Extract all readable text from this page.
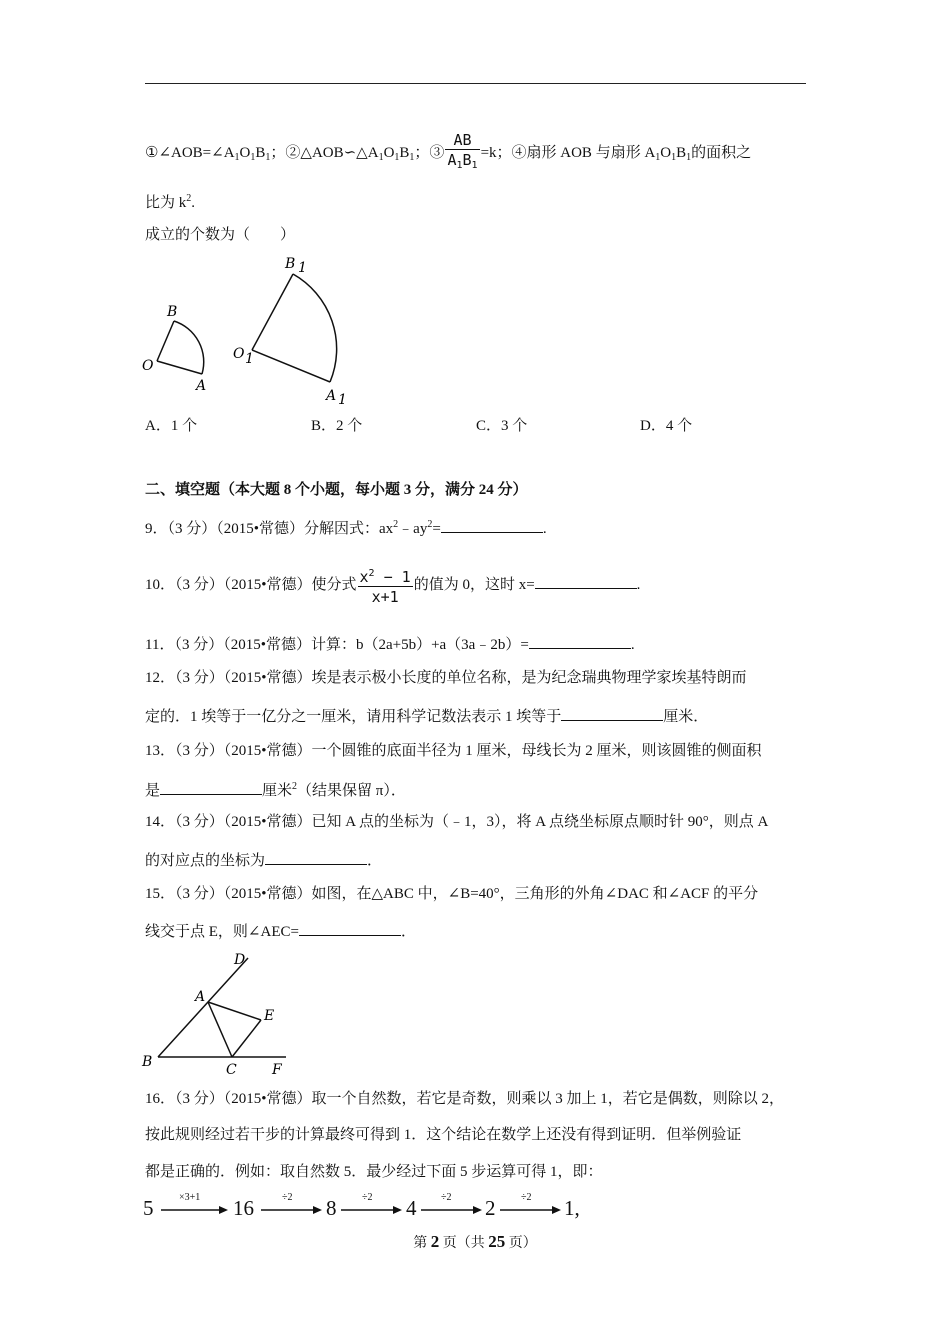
$①\angle AOB=\angle A_1O_1B_1$；$②\triangle AOB∽\triangle A_1O_1B_1$；③ $\frac{AB}{A_1B_1} =k$；④扇形 AOB 与扇形 $A_1O_1B_1$的面积之
比为 $k^2$.
成立的个数为（　　）
B
O
A
B 1
O 1
A 1
A．1 个	B．2 个	C．3 个	D．4 个
二、填空题（本大题 8 个小题，每小题 3 分，满分 24 分）
9．（3 分）（2015•常德）分解因式：$ax^2﹣ay^2=$	.
10．（3 分）（2015•常德）使分式 $\frac{x^2 - 1}{x+1}$ 的值为 0，这时 x=	.
11．（3 分）（2015•常德）计算：b（2a+5b）+a（3a﹣2b）=	.
12．（3 分）（2015•常德）埃是表示极小长度的单位名称，是为纪念瑞典物理学家埃基特朗而
定的．1 埃等于一亿分之一厘米，请用科学记数法表示 1 埃等于	厘米．
13．（3 分）（2015•常德）一个圆锥的底面半径为 1 厘米，母线长为 2 厘米，则该圆锥的侧面积
是	厘米$^2$（结果保留 π）．
14．（3 分）（2015•常德）已知 A 点的坐标为（﹣1，3），将 A 点绕坐标原点顺时针 90°，则点 A
的对应点的坐标为	．
15．（3 分）（2015•常德）如图，在△ABC 中，∠B=40°，三角形的外角∠DAC 和∠ACF 的平分
线交于点 E，则∠AEC=	．
D
A
E
B	C	F
16．（3 分）（2015•常德）取一个自然数，若它是奇数，则乘以 3 加上 1，若它是偶数，则除以 2，
按此规则经过若干步的计算最终可得到 1．这个结论在数学上还没有得到证明．但举例验证
都是正确的．例如：取自然数 5．最少经过下面 5 步运算可得 1，即：
5	×3+1 16	÷2 8	÷2 4 ÷2 2	÷2 1,
第 2 页（共 25 页）
